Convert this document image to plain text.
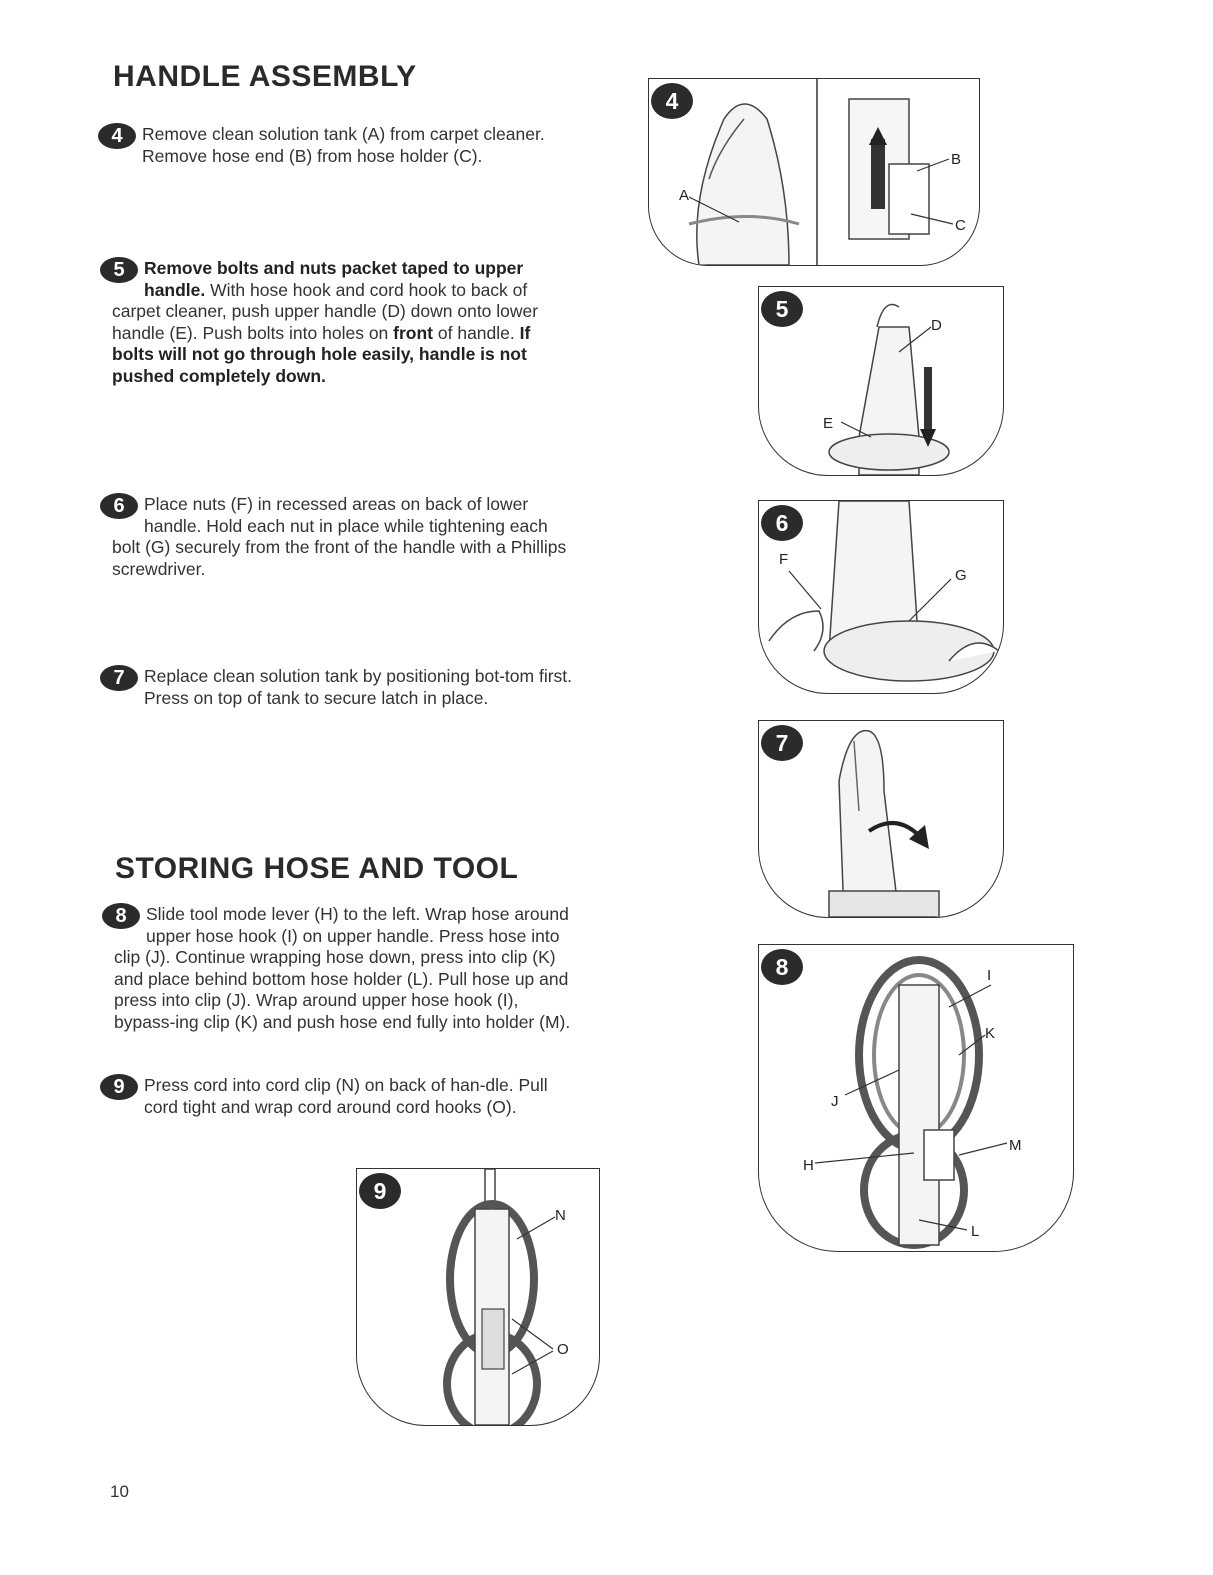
HANDLE ASSEMBLY
STORING HOSE AND TOOL
4	Remove clean solution tank (A) from carpet cleaner. Remove hose end (B) from hose holder (C).
5	Remove bolts and nuts packet taped to upper handle. With hose hook and cord hook to back of carpet cleaner, push upper handle (D) down onto lower handle (E). Push bolts into holes on front of handle. If bolts will not go through hole easily, handle is not pushed completely down.
6	Place nuts (F) in recessed areas on back of lower handle. Hold each nut in place while tightening each bolt (G) securely from the front of the handle with a Phillips screwdriver.
7	Replace clean solution tank by positioning bot-tom first. Press on top of tank to secure latch in place.
8	Slide tool mode lever (H) to the left. Wrap hose around upper hose hook (I) on upper handle. Press hose into clip (J). Continue wrapping hose down, press into clip (K) and place behind bottom hose holder (L). Pull hose up and press into clip (J). Wrap around upper hose hook (I), bypass-ing clip (K) and push hose end fully into holder (M).
9	Press cord into cord clip (N) on back of han-dle. Pull cord tight and wrap cord around cord hooks (O).
4
A
B
C
5
D
E
6
F
G
7
8	I
K
J
M
H
L
9
N
O
10
